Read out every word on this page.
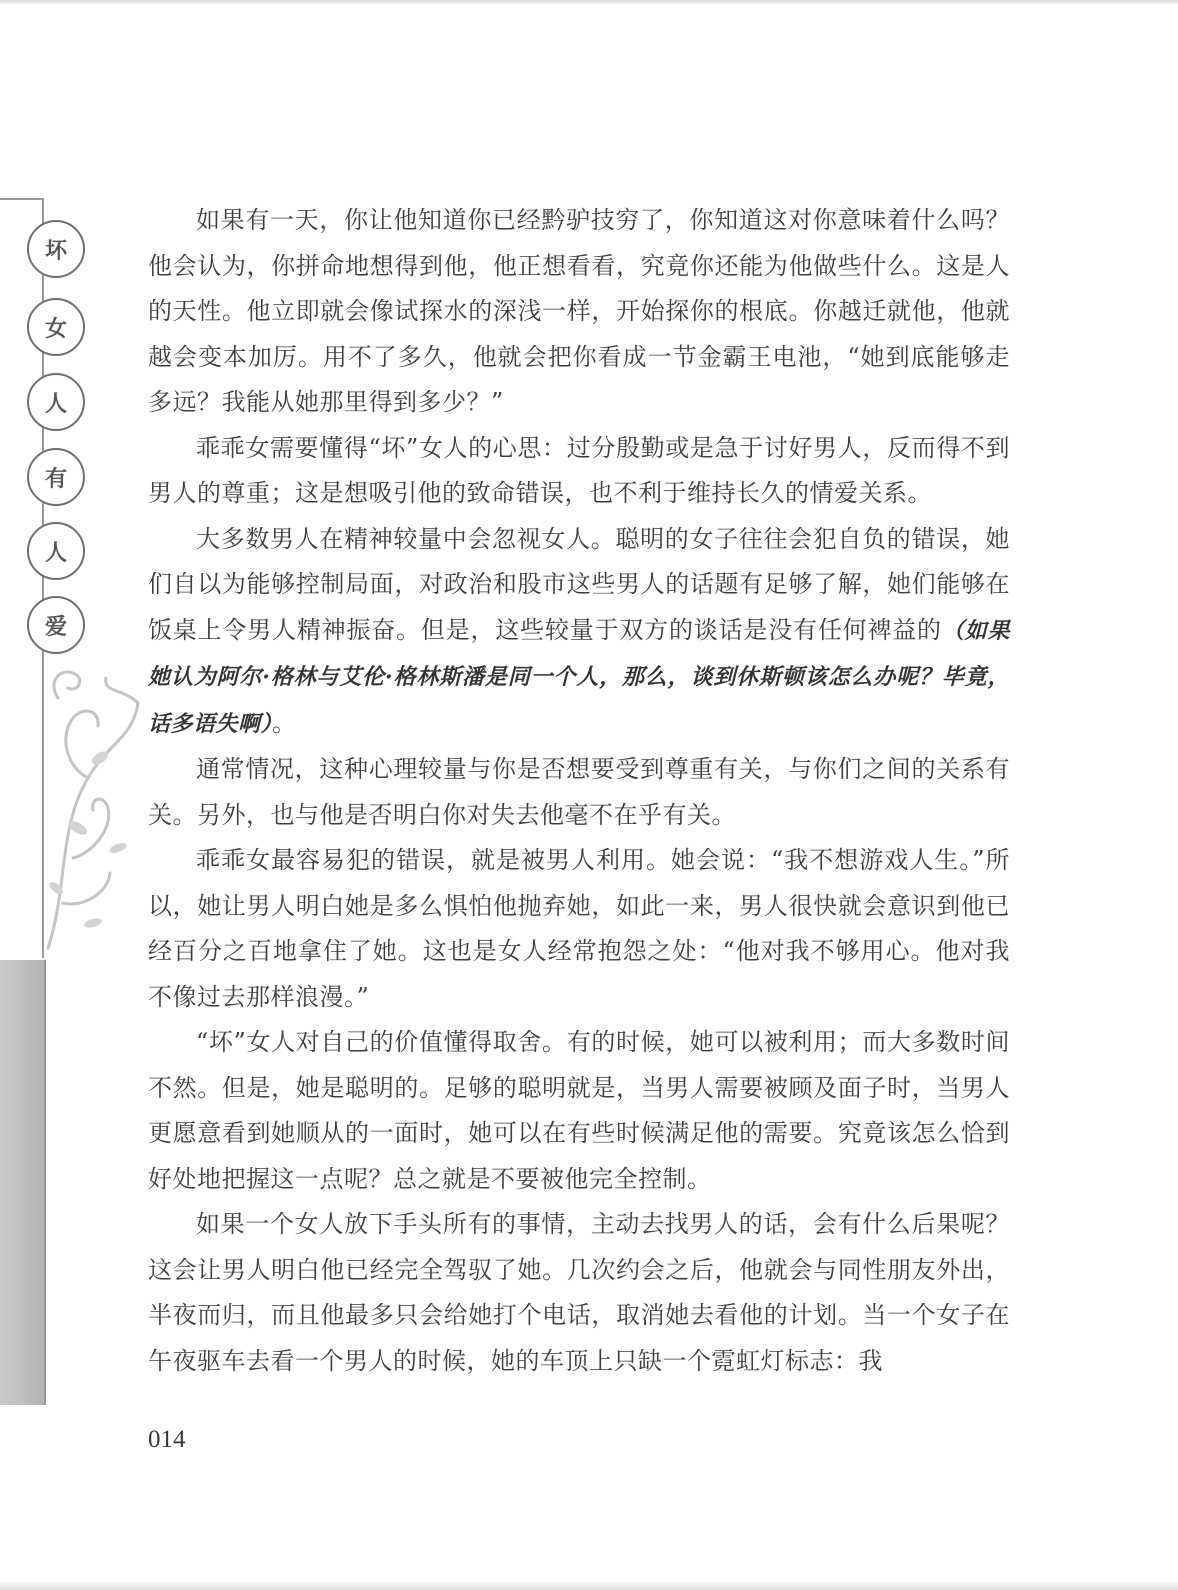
坏
女
人
有
人
爱

如果有一天，你让他知道你已经黔驴技穷了，你知道这对你意味着什么吗？他会认为，你拼命地想得到他，他正想看看，究竟你还能为他做些什么。这是人的天性。他立即就会像试探水的深浅一样，开始探你的根底。你越迁就他，他就越会变本加厉。用不了多久，他就会把你看成一节金霸王电池，“她到底能够走多远？我能从她那里得到多少？”

乖乖女需要懂得“坏”女人的心思：过分殷勤或是急于讨好男人，反而得不到男人的尊重；这是想吸引他的致命错误，也不利于维持长久的情爱关系。

大多数男人在精神较量中会忽视女人。聪明的女子往往会犯自负的错误，她们自以为能够控制局面，对政治和股市这些男人的话题有足够了解，她们能够在饭桌上令男人精神振奋。但是，这些较量于双方的谈话是没有任何裨益的（如果她认为阿尔·格林与艾伦·格林斯潘是同一个人，那么，谈到休斯顿该怎么办呢？毕竟，话多语失啊）。

通常情况，这种心理较量与你是否想要受到尊重有关，与你们之间的关系有关。另外，也与他是否明白你对失去他毫不在乎有关。

乖乖女最容易犯的错误，就是被男人利用。她会说：“我不想游戏人生。”所以，她让男人明白她是多么惧怕他抛弃她，如此一来，男人很快就会意识到他已经百分之百地拿住了她。这也是女人经常抱怨之处：“他对我不够用心。他对我不像过去那样浪漫。”

“坏”女人对自己的价值懂得取舍。有的时候，她可以被利用；而大多数时间不然。但是，她是聪明的。足够的聪明就是，当男人需要被顾及面子时，当男人更愿意看到她顺从的一面时，她可以在有些时候满足他的需要。究竟该怎么恰到好处地把握这一点呢？总之就是不要被他完全控制。

如果一个女人放下手头所有的事情，主动去找男人的话，会有什么后果呢？这会让男人明白他已经完全驾驭了她。几次约会之后，他就会与同性朋友外出，半夜而归，而且他最多只会给她打个电话，取消她去看他的计划。当一个女子在午夜驱车去看一个男人的时候，她的车顶上只缺一个霓虹灯标志：我

014
